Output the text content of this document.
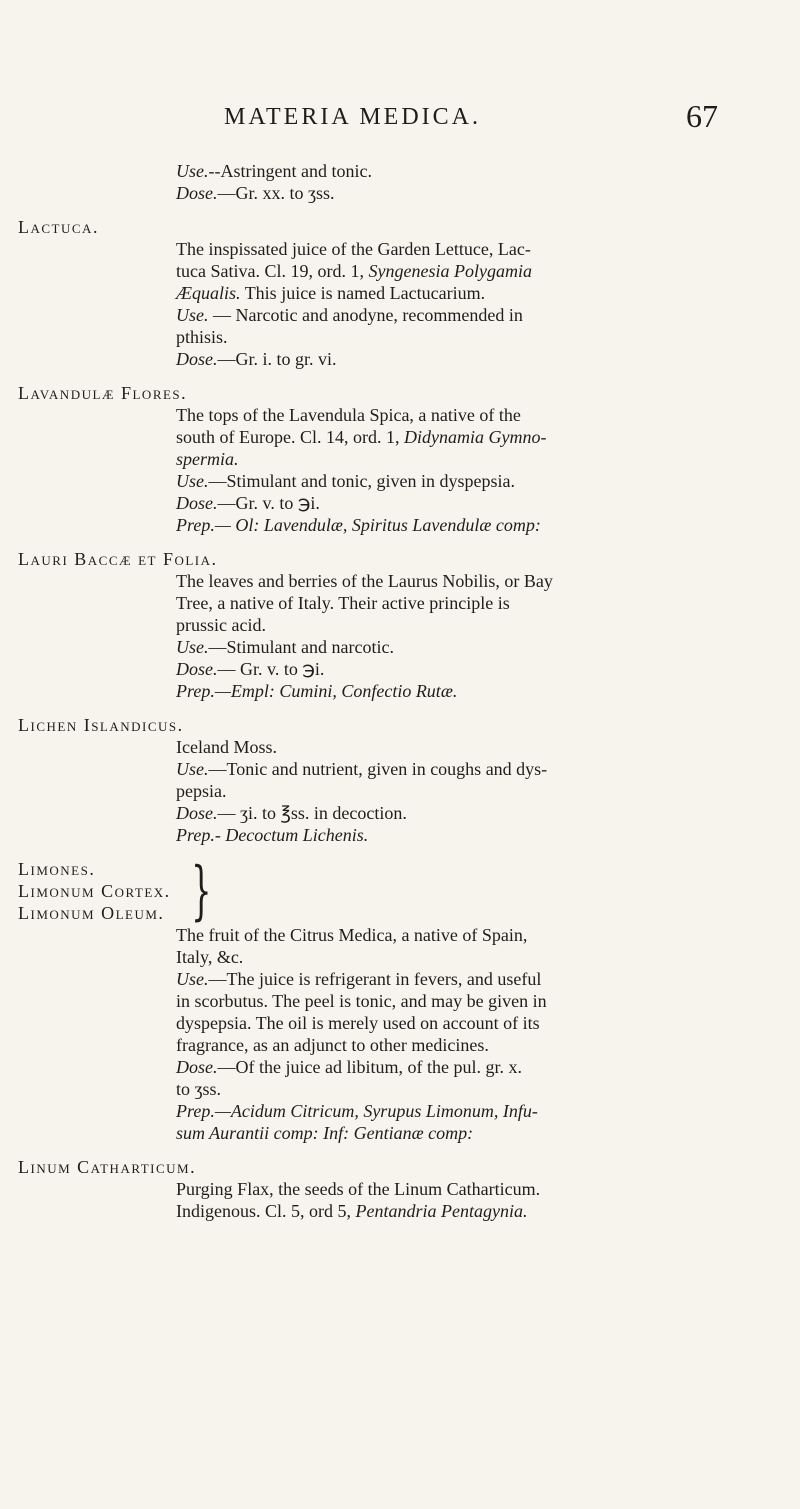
MATERIA MEDICA.	67
Use.--Astringent and tonic.
Dose.—Gr. xx. to ʒss.
Lactuca.
The inspissated juice of the Garden Lettuce, Lac-
tuca Sativa. Cl. 19, ord. 1, Syngenesia Polygamia
Æqualis. This juice is named Lactucarium.
Use. — Narcotic and anodyne, recommended in
pthisis.
Dose.—Gr. i. to gr. vi.
Lavandulæ Flores.
The tops of the Lavendula Spica, a native of the
south of Europe. Cl. 14, ord. 1, Didynamia Gymno-
spermia.
Use.—Stimulant and tonic, given in dyspepsia.
Dose.—Gr. v. to ℈i.
Prep.— Ol: Lavendulæ, Spiritus Lavendulæ comp:
Lauri Baccæ et Folia.
The leaves and berries of the Laurus Nobilis, or Bay
Tree, a native of Italy. Their active principle is
prussic acid.
Use.—Stimulant and narcotic.
Dose.— Gr. v. to ℈i.
Prep.—Empl: Cumini, Confectio Rutæ.
Lichen Islandicus.
Iceland Moss.
Use.—Tonic and nutrient, given in coughs and dys-
pepsia.
Dose.— ʒi. to ℥ss. in decoction.
Prep.- Decoctum Lichenis.
Limones.
Limonum Cortex.
Limonum Oleum. }
The fruit of the Citrus Medica, a native of Spain,
Italy, &c.
Use.—The juice is refrigerant in fevers, and useful
in scorbutus. The peel is tonic, and may be given in
dyspepsia. The oil is merely used on account of its
fragrance, as an adjunct to other medicines.
Dose.—Of the juice ad libitum, of the pul. gr. x.
to ʒss.
Prep.—Acidum Citricum, Syrupus Limonum, Infu-
sum Aurantii comp: Inf: Gentianæ comp:
Linum Catharticum.
Purging Flax, the seeds of the Linum Catharticum.
Indigenous. Cl. 5, ord 5, Pentandria Pentagynia.
